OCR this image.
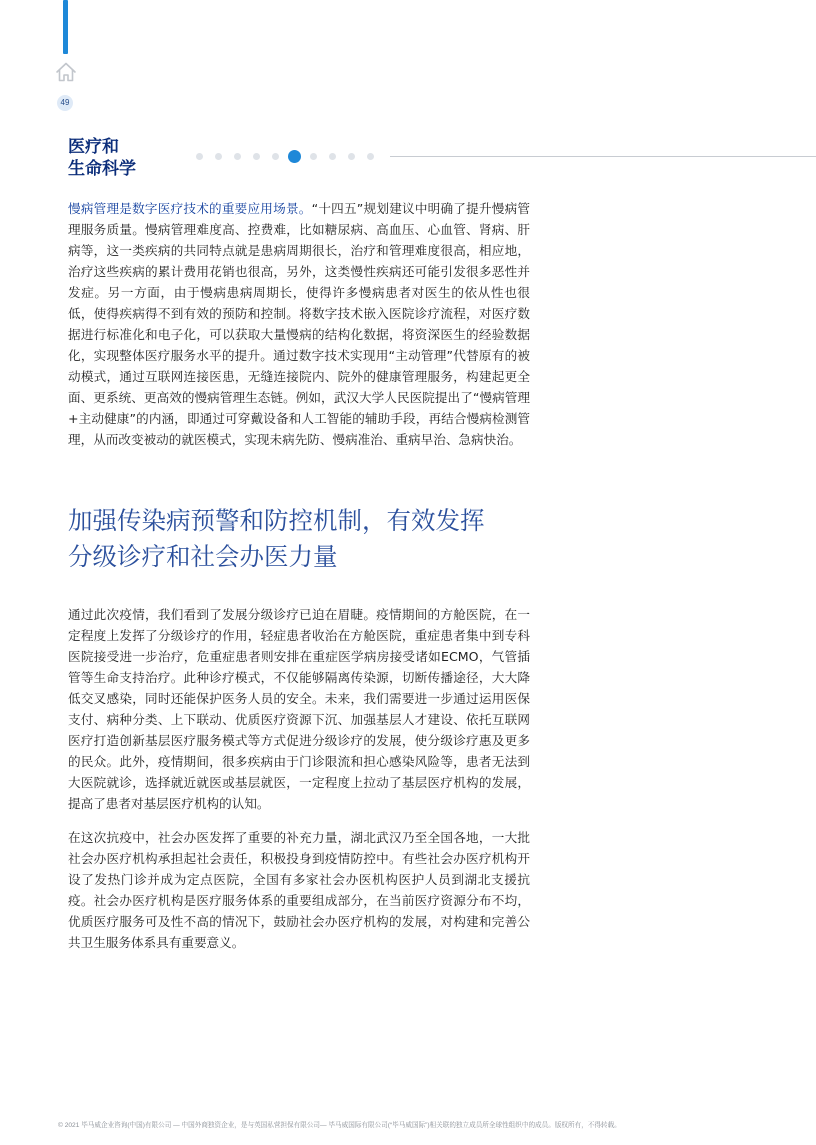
49
医疗和
生命科学
慢病管理是数字医疗技术的重要应用场景。“十四五”规划建议中明确了提升慢病管理服务质量。慢病管理难度高、控费难，比如糖尿病、高血压、心血管、肾病、肝病等，这一类疾病的共同特点就是患病周期很长，治疗和管理难度很高，相应地，治疗这些疾病的累计费用花销也很高，另外，这类慢性疾病还可能引发很多恶性并发症。另一方面，由于慢病患病周期长，使得许多慢病患者对医生的依从性也很低，使得疾病得不到有效的预防和控制。将数字技术嵌入医院诊疗流程，对医疗数据进行标准化和电子化，可以获取大量慢病的结构化数据，将资深医生的经验数据化，实现整体医疗服务水平的提升。通过数字技术实现用“主动管理”代替原有的被动模式，通过互联网连接医患，无缝连接院内、院外的健康管理服务，构建起更全面、更系统、更高效的慢病管理生态链。例如，武汉大学人民医院提出了“慢病管理+主动健康”的内涵，即通过可穿戴设备和人工智能的辅助手段，再结合慢病检测管理，从而改变被动的就医模式，实现未病先防、慢病准治、重病早治、急病快治。
加强传染病预警和防控机制，有效发挥
分级诊疗和社会办医力量
通过此次疫情，我们看到了发展分级诊疗已迫在眉睫。疫情期间的方舱医院，在一定程度上发挥了分级诊疗的作用，轻症患者收治在方舱医院，重症患者集中到专科医院接受进一步治疗，危重症患者则安排在重症医学病房接受诸如ECMO，气管插管等生命支持治疗。此种诊疗模式，不仅能够隔离传染源，切断传播途径，大大降低交叉感染，同时还能保护医务人员的安全。未来，我们需要进一步通过运用医保支付、病种分类、上下联动、优质医疗资源下沉、加强基层人才建设、依托互联网医疗打造创新基层医疗服务模式等方式促进分级诊疗的发展，使分级诊疗惠及更多的民众。此外，疫情期间，很多疾病由于门诊限流和担心感染风险等，患者无法到大医院就诊，选择就近就医或基层就医，一定程度上拉动了基层医疗机构的发展，提高了患者对基层医疗机构的认知。
在这次抗疫中，社会办医发挥了重要的补充力量，湖北武汉乃至全国各地，一大批社会办医疗机构承担起社会责任，积极投身到疫情防控中。有些社会办医疗机构开设了发热门诊并成为定点医院，全国有多家社会办医机构医护人员到湖北支援抗疫。社会办医疗机构是医疗服务体系的重要组成部分，在当前医疗资源分布不均，优质医疗服务可及性不高的情况下，鼓励社会办医疗机构的发展，对构建和完善公共卫生服务体系具有重要意义。
© 2021 毕马威企业咨询(中国)有限公司 — 中国外商独资企业，是与英国私营担保有限公司— 毕马威国际有限公司(“毕马威国际”)相关联的独立成员所全球性组织中的成员。版权所有，不得转载。
